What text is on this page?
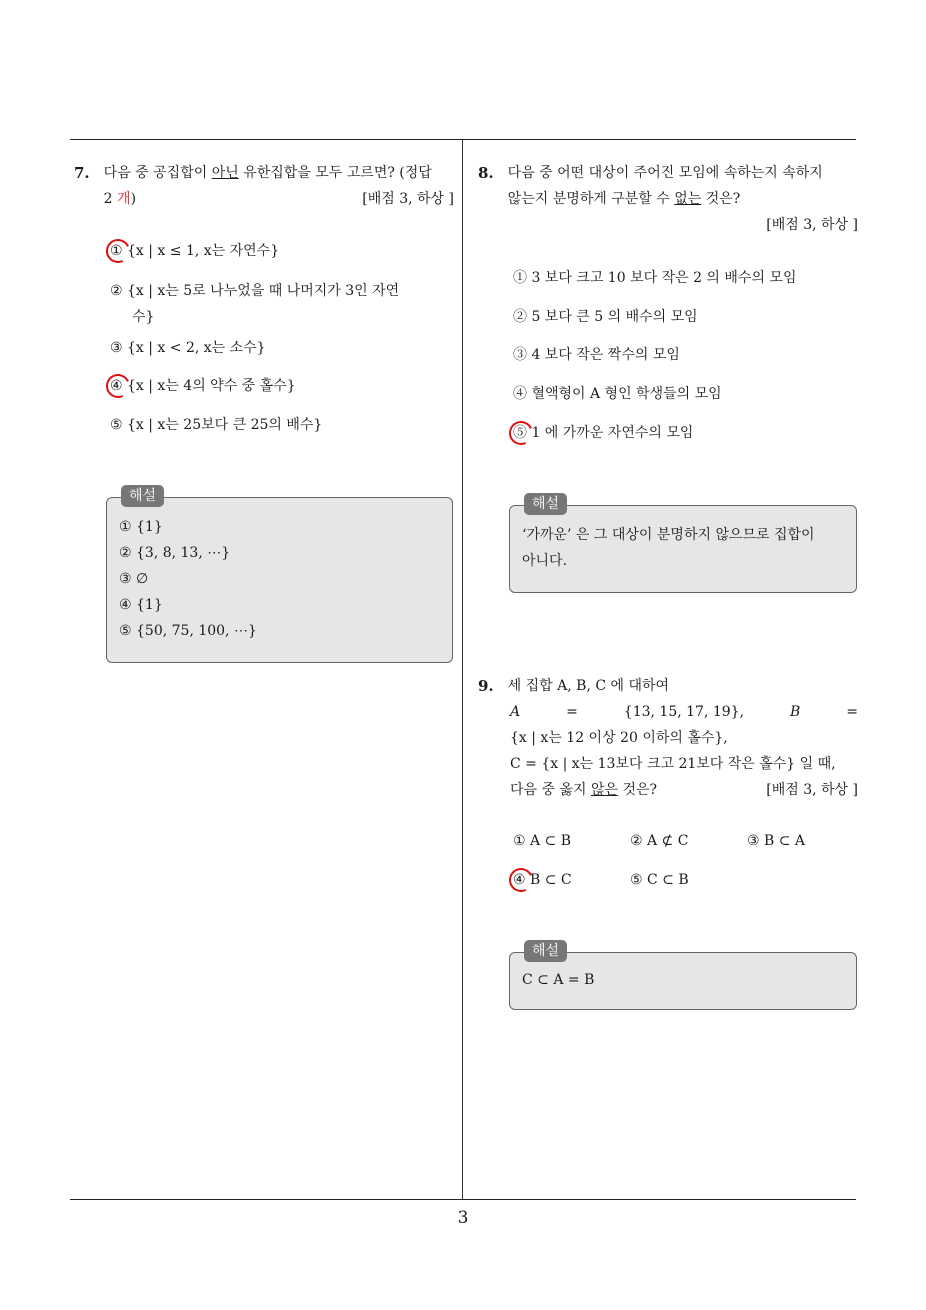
7. 다음 중 공집합이 아닌 유한집합을 모두 고르면? (정답
2 개)	[배점 3, 하상 ]
① {x | x ≤ 1, x는 자연수}
② {x | x는 5로 나누었을 때 나머지가 3인 자연
수}
③ {x | x < 2, x는 소수}
④ {x | x는 4의 약수 중 홀수}
⑤ {x | x는 25보다 큰 25의 배수}
해설
① {1}
② {3, 8, 13, ⋯}
③ ∅
④ {1}
⑤ {50, 75, 100, ⋯}
8. 다음 중 어떤 대상이 주어진 모임에 속하는지 속하지
않는지 분명하게 구분할 수 없는 것은?
[배점 3, 하상 ]
① 3 보다 크고 10 보다 작은 2 의 배수의 모임
② 5 보다 큰 5 의 배수의 모임
③ 4 보다 작은 짝수의 모임
④ 혈액형이 A 형인 학생들의 모임
⑤ 1 에 가까운 자연수의 모임
해설
‘가까운’ 은 그 대상이 분명하지 않으므로 집합이
아니다.
9. 세 집합 A, B, C 에 대하여
A	=	{13, 15, 17, 19},	B	=
{x | x는 12 이상 20 이하의 홀수},
C = {x | x는 13보다 크고 21보다 작은 홀수} 일 때,
다음 중 옳지 않은 것은?	[배점 3, 하상 ]
① A ⊂ B	② A ⊄ C	③ B ⊂ A
④ B ⊂ C	⑤ C ⊂ B
해설
C ⊂ A = B
3
